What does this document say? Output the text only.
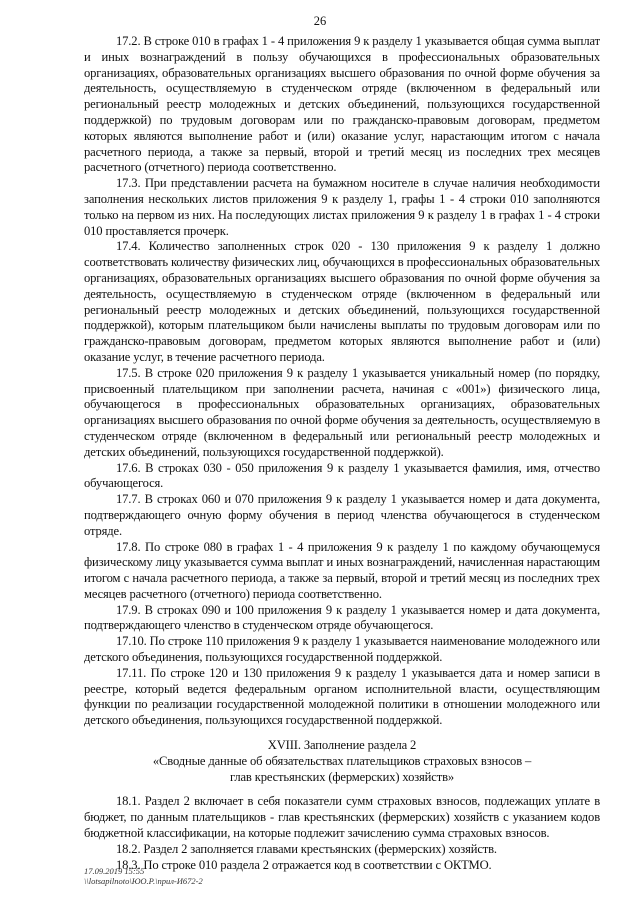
26

17.2. В строке 010 в графах 1 - 4 приложения 9 к разделу 1 указывается общая сумма выплат и иных вознаграждений в пользу обучающихся в профессиональных образовательных организациях, образовательных организациях высшего образования по очной форме обучения за деятельность, осуществляемую в студенческом отряде (включенном в федеральный или региональный реестр молодежных и детских объединений, пользующихся государственной поддержкой) по трудовым договорам или по гражданско-правовым договорам, предметом которых являются выполнение работ и (или) оказание услуг, нарастающим итогом с начала расчетного периода, а также за первый, второй и третий месяц из последних трех месяцев расчетного (отчетного) периода соответственно.

17.3. При представлении расчета на бумажном носителе в случае наличия необходимости заполнения нескольких листов приложения 9 к разделу 1, графы 1 - 4 строки 010 заполняются только на первом из них. На последующих листах приложения 9 к разделу 1 в графах 1 - 4 строки 010 проставляется прочерк.

17.4. Количество заполненных строк 020 - 130 приложения 9 к разделу 1 должно соответствовать количеству физических лиц, обучающихся в профессиональных образовательных организациях, образовательных организациях высшего образования по очной форме обучения за деятельность, осуществляемую в студенческом отряде (включенном в федеральный или региональный реестр молодежных и детских объединений, пользующихся государственной поддержкой), которым плательщиком были начислены выплаты по трудовым договорам или по гражданско-правовым договорам, предметом которых являются выполнение работ и (или) оказание услуг, в течение расчетного периода.

17.5. В строке 020 приложения 9 к разделу 1 указывается уникальный номер (по порядку, присвоенный плательщиком при заполнении расчета, начиная с «001») физического лица, обучающегося в профессиональных образовательных организациях, образовательных организациях высшего образования по очной форме обучения за деятельность, осуществляемую в студенческом отряде (включенном в федеральный или региональный реестр молодежных и детских объединений, пользующихся государственной поддержкой).

17.6. В строках 030 - 050 приложения 9 к разделу 1 указывается фамилия, имя, отчество обучающегося.

17.7. В строках 060 и 070 приложения 9 к разделу 1 указывается номер и дата документа, подтверждающего очную форму обучения в период членства обучающегося в студенческом отряде.

17.8. По строке 080 в графах 1 - 4 приложения 9 к разделу 1 по каждому обучающемуся физическому лицу указывается сумма выплат и иных вознаграждений, начисленная нарастающим итогом с начала расчетного периода, а также за первый, второй и третий месяц из последних трех месяцев расчетного (отчетного) периода соответственно.

17.9. В строках 090 и 100 приложения 9 к разделу 1 указывается номер и дата документа, подтверждающего членство в студенческом отряде обучающегося.

17.10. По строке 110 приложения 9 к разделу 1 указывается наименование молодежного или детского объединения, пользующихся государственной поддержкой.

17.11. По строке 120 и 130 приложения 9 к разделу 1 указывается дата и номер записи в реестре, который ведется федеральным органом исполнительной власти, осуществляющим функции по реализации государственной молодежной политики в отношении молодежного или детского объединения, пользующихся государственной поддержкой.

XVIII. Заполнение раздела 2

«Сводные данные об обязательствах плательщиков страховых взносов –
глав крестьянских (фермерских) хозяйств»

18.1. Раздел 2 включает в себя показатели сумм страховых взносов, подлежащих уплате в бюджет, по данным плательщиков - глав крестьянских (фермерских) хозяйств с указанием кодов бюджетной классификации, на которые подлежит зачислению сумма страховых взносов.

18.2. Раздел 2 заполняется главами крестьянских (фермерских) хозяйств.

18.3. По строке 010 раздела 2 отражается код в соответствии с ОКТМО.

17.09.2019 15:55
\\lotsapilnoto\ЮО.Р.\прил-И672-2
